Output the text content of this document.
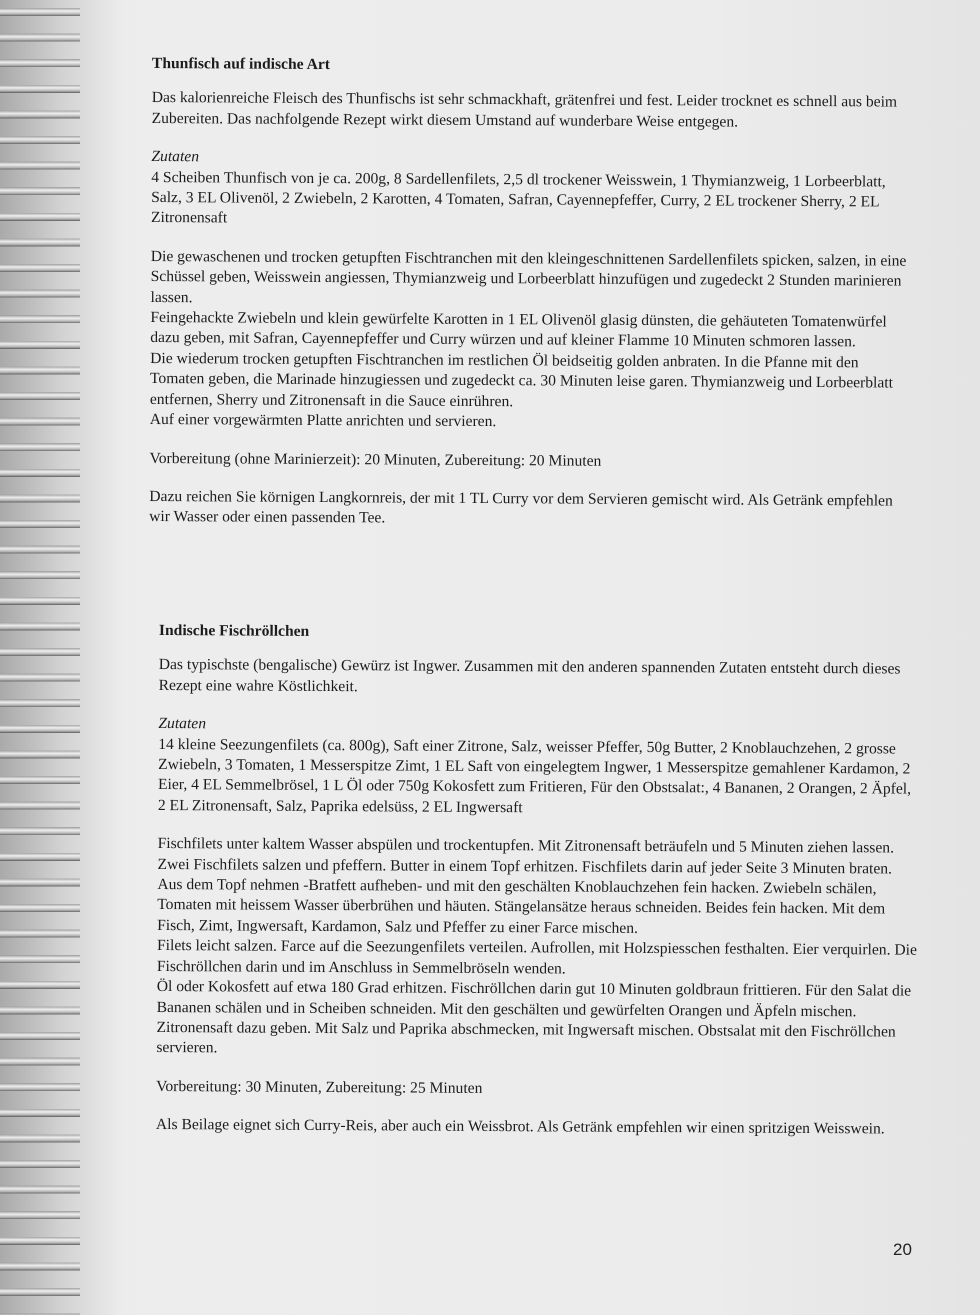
Thunfisch auf indische Art

Das kalorienreiche Fleisch des Thunfischs ist sehr schmackhaft, grätenfrei und fest. Leider trocknet es schnell aus beim Zubereiten. Das nachfolgende Rezept wirkt diesem Umstand auf wunderbare Weise entgegen.

Zutaten

4 Scheiben Thunfisch von je ca. 200g, 8 Sardellenfilets, 2,5 dl trockener Weisswein, 1 Thymianzweig, 1 Lorbeerblatt, Salz, 3 EL Olivenöl, 2 Zwiebeln, 2 Karotten, 4 Tomaten, Safran, Cayennepfeffer, Curry, 2 EL trockener Sherry, 2 EL Zitronensaft

Die gewaschenen und trocken getupften Fischtranchen mit den kleingeschnittenen Sardellenfilets spicken, salzen, in eine Schüssel geben, Weisswein angiessen, Thymianzweig und Lorbeerblatt hinzufügen und zugedeckt 2 Stunden marinieren lassen.

Feingehackte Zwiebeln und klein gewürfelte Karotten in 1 EL Olivenöl glasig dünsten, die gehäuteten Tomatenwürfel dazu geben, mit Safran, Cayennepfeffer und Curry würzen und auf kleiner Flamme 10 Minuten schmoren lassen.

Die wiederum trocken getupften Fischtranchen im restlichen Öl beidseitig golden anbraten. In die Pfanne mit den Tomaten geben, die Marinade hinzugiessen und zugedeckt ca. 30 Minuten leise garen. Thymianzweig und Lorbeerblatt entfernen, Sherry und Zitronensaft in die Sauce einrühren.

Auf einer vorgewärmten Platte anrichten und servieren.

Vorbereitung (ohne Marinierzeit): 20 Minuten, Zubereitung: 20 Minuten

Dazu reichen Sie körnigen Langkornreis, der mit 1 TL Curry vor dem Servieren gemischt wird. Als Getränk empfehlen wir Wasser oder einen passenden Tee.

Indische Fischröllchen

Das typischste (bengalische) Gewürz ist Ingwer. Zusammen mit den anderen spannenden Zutaten entsteht durch dieses Rezept eine wahre Köstlichkeit.

Zutaten

14 kleine Seezungenfilets (ca. 800g), Saft einer Zitrone, Salz, weisser Pfeffer, 50g Butter, 2 Knoblauchzehen, 2 grosse Zwiebeln, 3 Tomaten, 1 Messerspitze Zimt, 1 EL Saft von eingelegtem Ingwer, 1 Messerspitze gemahlener Kardamon, 2 Eier, 4 EL Semmelbrösel, 1 L Öl oder 750g Kokosfett zum Fritieren, Für den Obstsalat:, 4 Bananen, 2 Orangen, 2 Äpfel, 2 EL Zitronensaft, Salz, Paprika edelsüss, 2 EL Ingwersaft

Fischfilets unter kaltem Wasser abspülen und trockentupfen. Mit Zitronensaft beträufeln und 5 Minuten ziehen lassen.

Zwei Fischfilets salzen und pfeffern. Butter in einem Topf erhitzen. Fischfilets darin auf jeder Seite 3 Minuten braten. Aus dem Topf nehmen -Bratfett aufheben- und mit den geschälten Knoblauchzehen fein hacken. Zwiebeln schälen, Tomaten mit heissem Wasser überbrühen und häuten. Stängelansätze heraus schneiden. Beides fein hacken. Mit dem Fisch, Zimt, Ingwersaft, Kardamon, Salz und Pfeffer zu einer Farce mischen.

Filets leicht salzen. Farce auf die Seezungenfilets verteilen. Aufrollen, mit Holzspiesschen festhalten. Eier verquirlen. Die Fischröllchen darin und im Anschluss in Semmelbröseln wenden.

Öl oder Kokosfett auf etwa 180 Grad erhitzen. Fischröllchen darin gut 10 Minuten goldbraun frittieren. Für den Salat die Bananen schälen und in Scheiben schneiden. Mit den geschälten und gewürfelten Orangen und Äpfeln mischen. Zitronensaft dazu geben. Mit Salz und Paprika abschmecken, mit Ingwersaft mischen. Obstsalat mit den Fischröllchen servieren.

Vorbereitung: 30 Minuten, Zubereitung: 25 Minuten

Als Beilage eignet sich Curry-Reis, aber auch ein Weissbrot. Als Getränk empfehlen wir einen spritzigen Weisswein.

20
